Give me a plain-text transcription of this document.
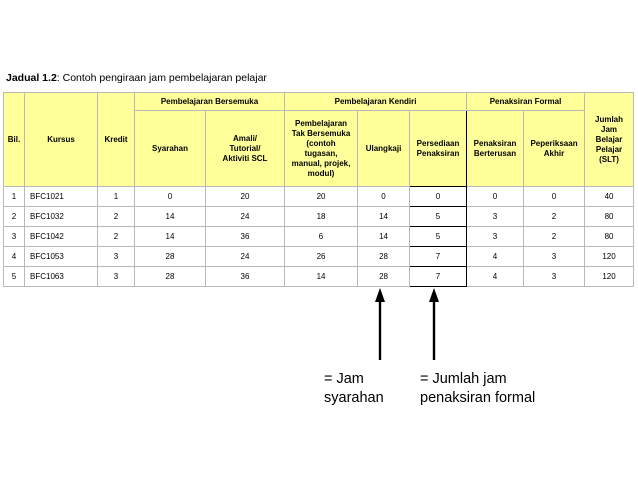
Jadual 1.2: Contoh pengiraan jam pembelajaran pelajar
Bil.	Kursus	Kredit	Pembelajaran Bersemuka		Pembelajaran Kendiri			Penaksiran Formal		Jumlah Jam Belajar Pelajar (SLT)
			Syarahan	Amali/ Tutorial/ Aktiviti SCL	Pembelajaran Tak Bersemuka (contoh tugasan, manual, projek, modul)	Ulangkaji	Persediaan Penaksiran	Penaksiran Berterusan	Peperiksaan Akhir	
1	BFC1021	1	0	20	20	0	0	0	0	40
2	BFC1032	2	14	24	18	14	5	3	2	80
3	BFC1042	2	14	36	6	14	5	3	2	80
4	BFC1053	3	28	24	26	28	7	4	3	120
5	BFC1063	3	28	36	14	28	7	4	3	120
= Jam syarahan
= Jumlah jam penaksiran formal
